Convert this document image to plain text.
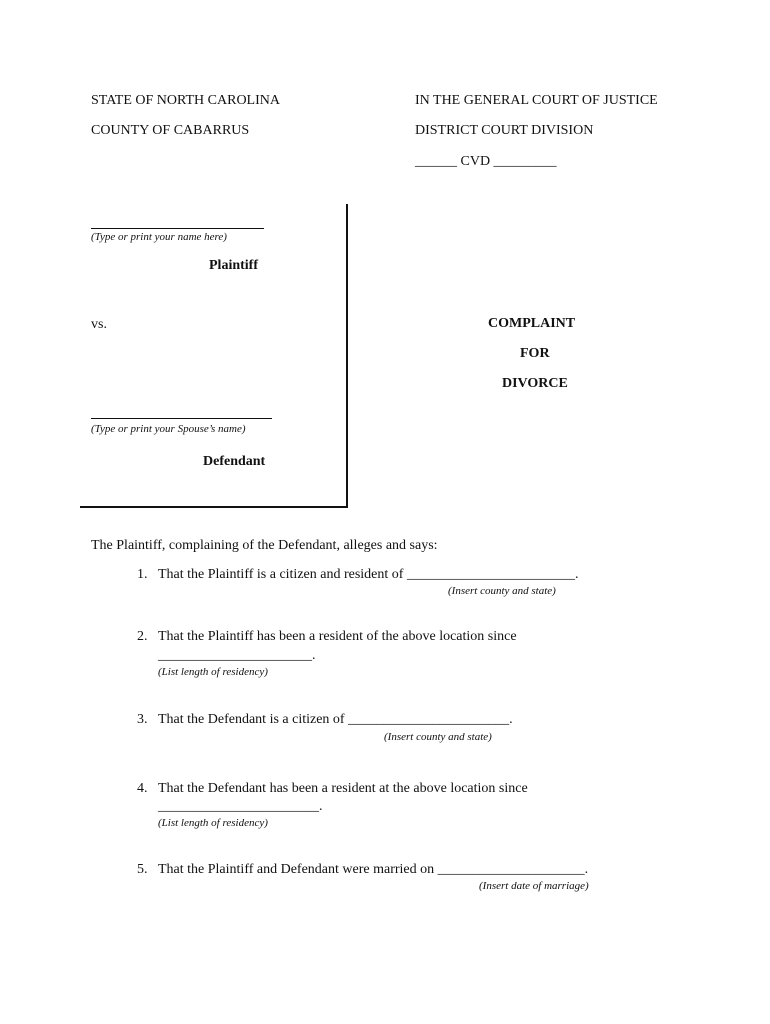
STATE OF NORTH CAROLINA
COUNTY OF CABARRUS
IN THE GENERAL COURT OF JUSTICE
DISTRICT COURT DIVISION
______ CVD _________
(Type or print your name here)
Plaintiff
vs.
(Type or print your Spouse’s name)
Defendant
COMPLAINT
FOR
DIVORCE
The Plaintiff, complaining of the Defendant, alleges and says:
1. That the Plaintiff is a citizen and resident of ________________________.
(Insert county and state)
2. That the Plaintiff has been a resident of the above location since
______________________.
(List length of residency)
3. That the Defendant is a citizen of _______________________.
(Insert county and state)
4. That the Defendant has been a resident at the above location since
_______________________.
(List length of residency)
5. That the Plaintiff and Defendant were married on _____________________.
(Insert date of marriage)
